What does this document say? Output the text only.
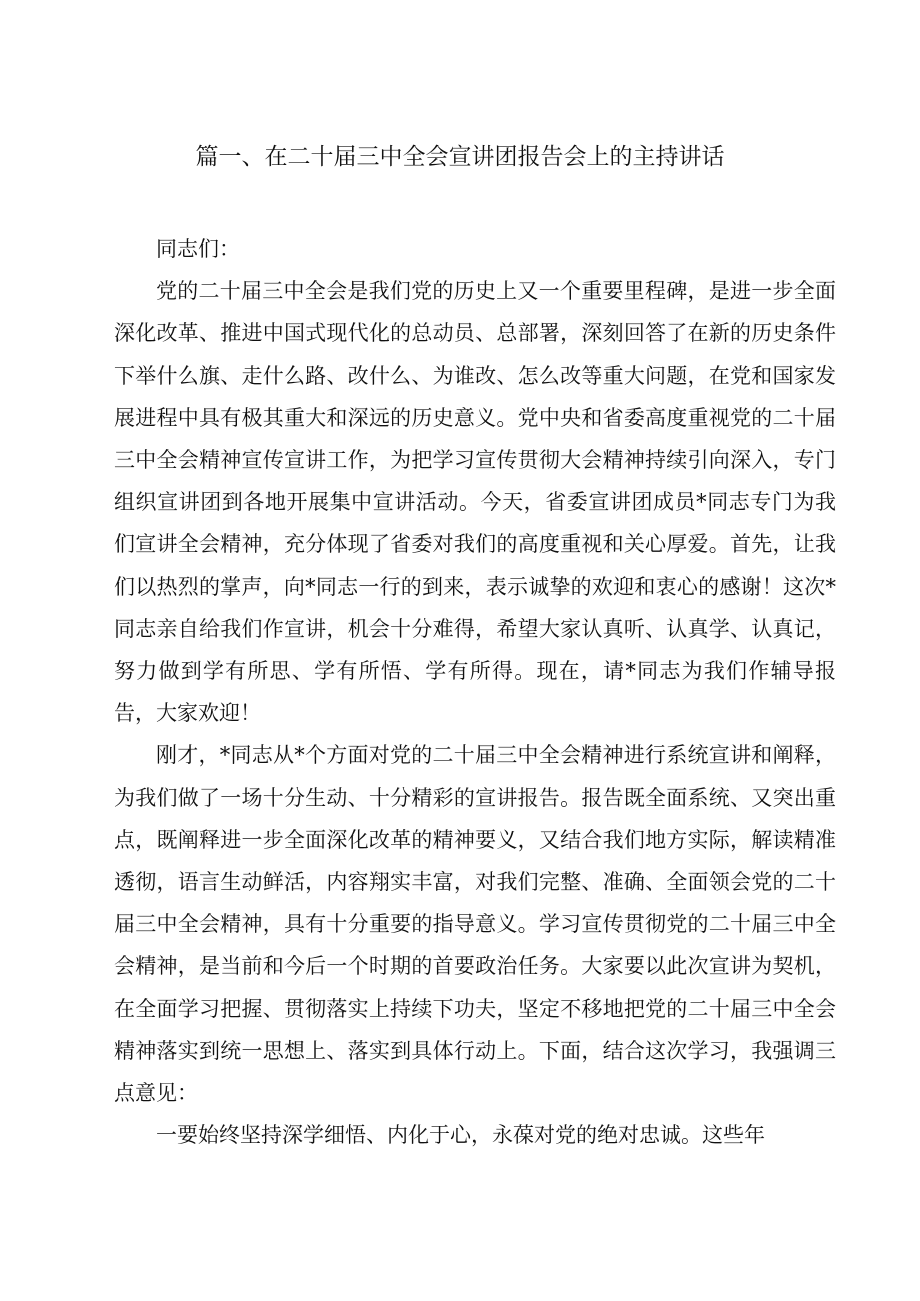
篇一、在二十届三中全会宣讲团报告会上的主持讲话

同志们：

党的二十届三中全会是我们党的历史上又一个重要里程碑，是进一步全面深化改革、推进中国式现代化的总动员、总部署，深刻回答了在新的历史条件下举什么旗、走什么路、改什么、为谁改、怎么改等重大问题，在党和国家发展进程中具有极其重大和深远的历史意义。党中央和省委高度重视党的二十届三中全会精神宣传宣讲工作，为把学习宣传贯彻大会精神持续引向深入，专门组织宣讲团到各地开展集中宣讲活动。今天，省委宣讲团成员*同志专门为我们宣讲全会精神，充分体现了省委对我们的高度重视和关心厚爱。首先，让我们以热烈的掌声，向*同志一行的到来，表示诚挚的欢迎和衷心的感谢！这次*同志亲自给我们作宣讲，机会十分难得，希望大家认真听、认真学、认真记，努力做到学有所思、学有所悟、学有所得。现在，请*同志为我们作辅导报告，大家欢迎！

刚才，*同志从*个方面对党的二十届三中全会精神进行系统宣讲和阐释，为我们做了一场十分生动、十分精彩的宣讲报告。报告既全面系统、又突出重点，既阐释进一步全面深化改革的精神要义，又结合我们地方实际，解读精准透彻，语言生动鲜活，内容翔实丰富，对我们完整、准确、全面领会党的二十届三中全会精神，具有十分重要的指导意义。学习宣传贯彻党的二十届三中全会精神，是当前和今后一个时期的首要政治任务。大家要以此次宣讲为契机，在全面学习把握、贯彻落实上持续下功夫，坚定不移地把党的二十届三中全会精神落实到统一思想上、落实到具体行动上。下面，结合这次学习，我强调三点意见：

一要始终坚持深学细悟、内化于心，永葆对党的绝对忠诚。这些年
